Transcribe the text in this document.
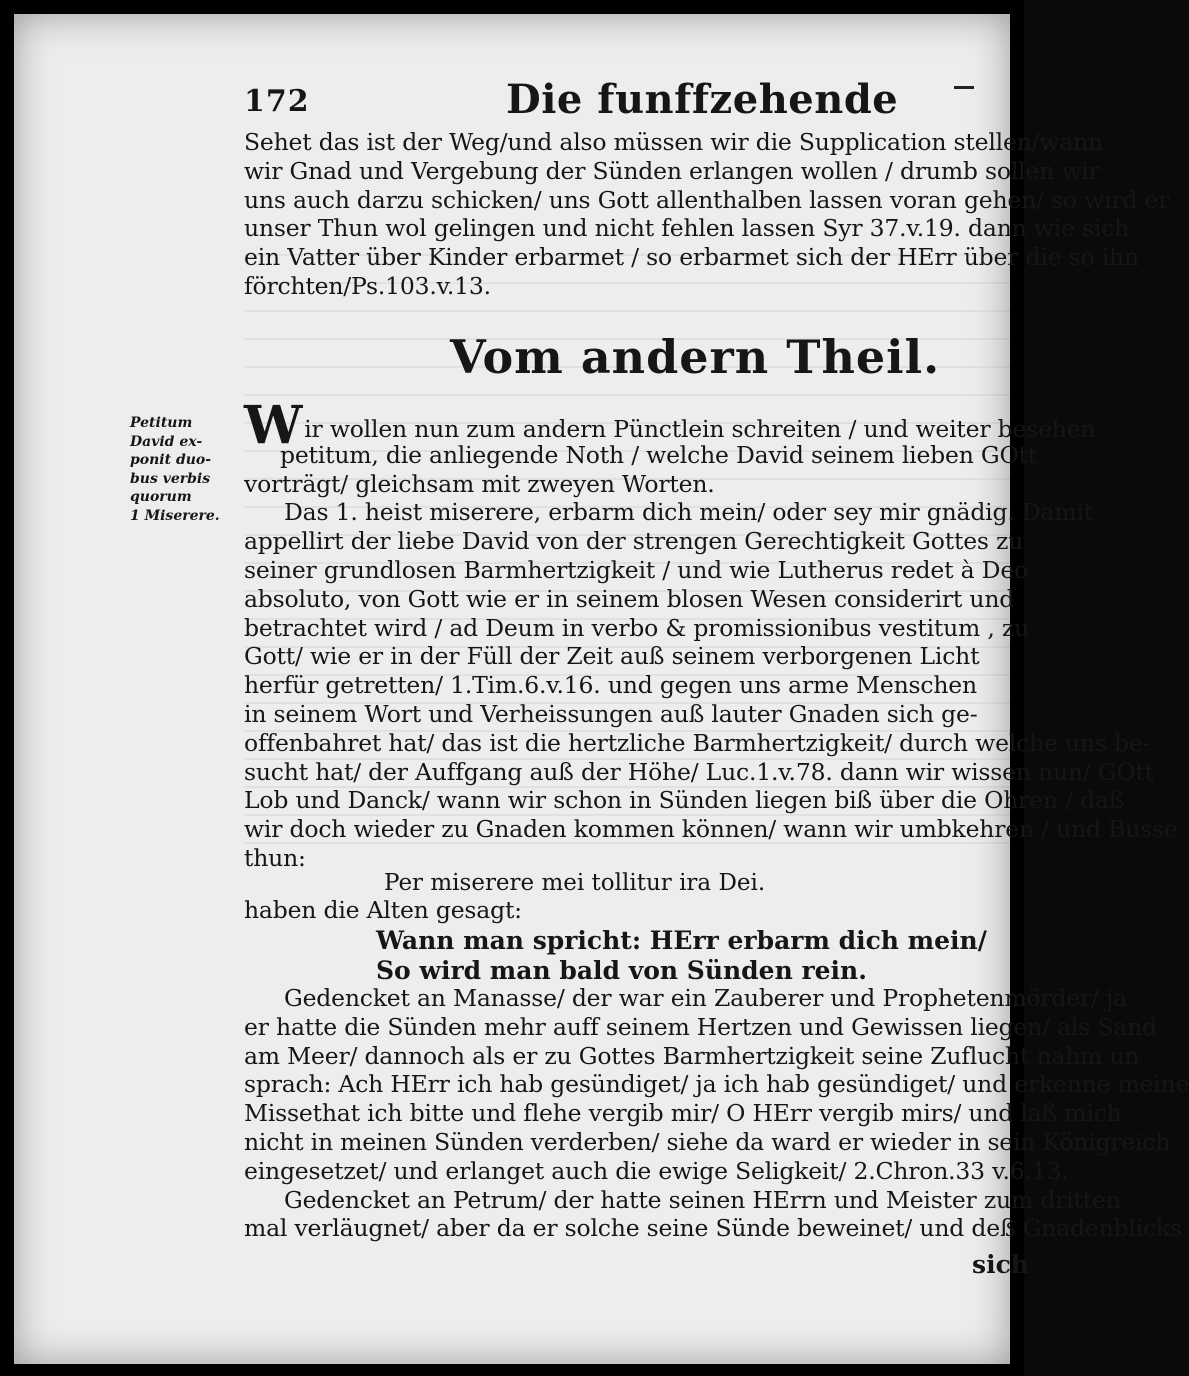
172	Die funffzehende
Sehet das ist der Weg/und also müssen wir die Supplication stellen/wann
wir Gnad und Vergebung der Sünden erlangen wollen / drumb sollen wir
uns auch darzu schicken/ uns Gott allenthalben lassen voran gehen/ so wird er
unser Thun wol gelingen und nicht fehlen lassen Syr 37.v.19. dann wie sich
ein Vatter über Kinder erbarmet / so erbarmet sich der HErr über die so ihn
förchten/Ps.103.v.13.
Vom andern Theil.
Petitum
David ex-
ponit duo-
bus verbis
quorum
1 Miserere.
Wir wollen nun zum andern Pünctlein schreiten / und weiter besehen
petitum, die anliegende Noth / welche David seinem lieben GOtt
vorträgt/ gleichsam mit zweyen Worten.
Das 1. heist miserere, erbarm dich mein/ oder sey mir gnädig. Damit
appellirt der liebe David von der strengen Gerechtigkeit Gottes zu
seiner grundlosen Barmhertzigkeit / und wie Lutherus redet à Deo
absoluto, von Gott wie er in seinem blosen Wesen considerirt und
betrachtet wird / ad Deum in verbo & promissionibus vestitum , zu
Gott/ wie er in der Füll der Zeit auß seinem verborgenen Licht
herfür getretten/ 1.Tim.6.v.16. und gegen uns arme Menschen
in seinem Wort und Verheissungen auß lauter Gnaden sich ge-
offenbahret hat/ das ist die hertzliche Barmhertzigkeit/ durch welche uns be-
sucht hat/ der Auffgang auß der Höhe/ Luc.1.v.78. dann wir wissen nun/ GOtt
Lob und Danck/ wann wir schon in Sünden liegen biß über die Ohren / daß
wir doch wieder zu Gnaden kommen können/ wann wir umbkehren / und Busse
thun:
Per miserere mei tollitur ira Dei.
haben die Alten gesagt:
Wann man spricht: HErr erbarm dich mein/
So wird man bald von Sünden rein.
Gedencket an Manasse/ der war ein Zauberer und Prophetenmörder/ ja
er hatte die Sünden mehr auff seinem Hertzen und Gewissen liegen/ als Sand
am Meer/ dannoch als er zu Gottes Barmhertzigkeit seine Zuflucht nahm un
sprach: Ach HErr ich hab gesündiget/ ja ich hab gesündiget/ und erkenne meine
Missethat ich bitte und flehe vergib mir/ O HErr vergib mirs/ und laß mich
nicht in meinen Sünden verderben/ siehe da ward er wieder in sein Königreich
eingesetzet/ und erlanget auch die ewige Seligkeit/ 2.Chron.33 v.6.13.
Gedencket an Petrum/ der hatte seinen HErrn und Meister zum dritten
mal verläugnet/ aber da er solche seine Sünde beweinet/ und deß Gnadenblicks
sich
